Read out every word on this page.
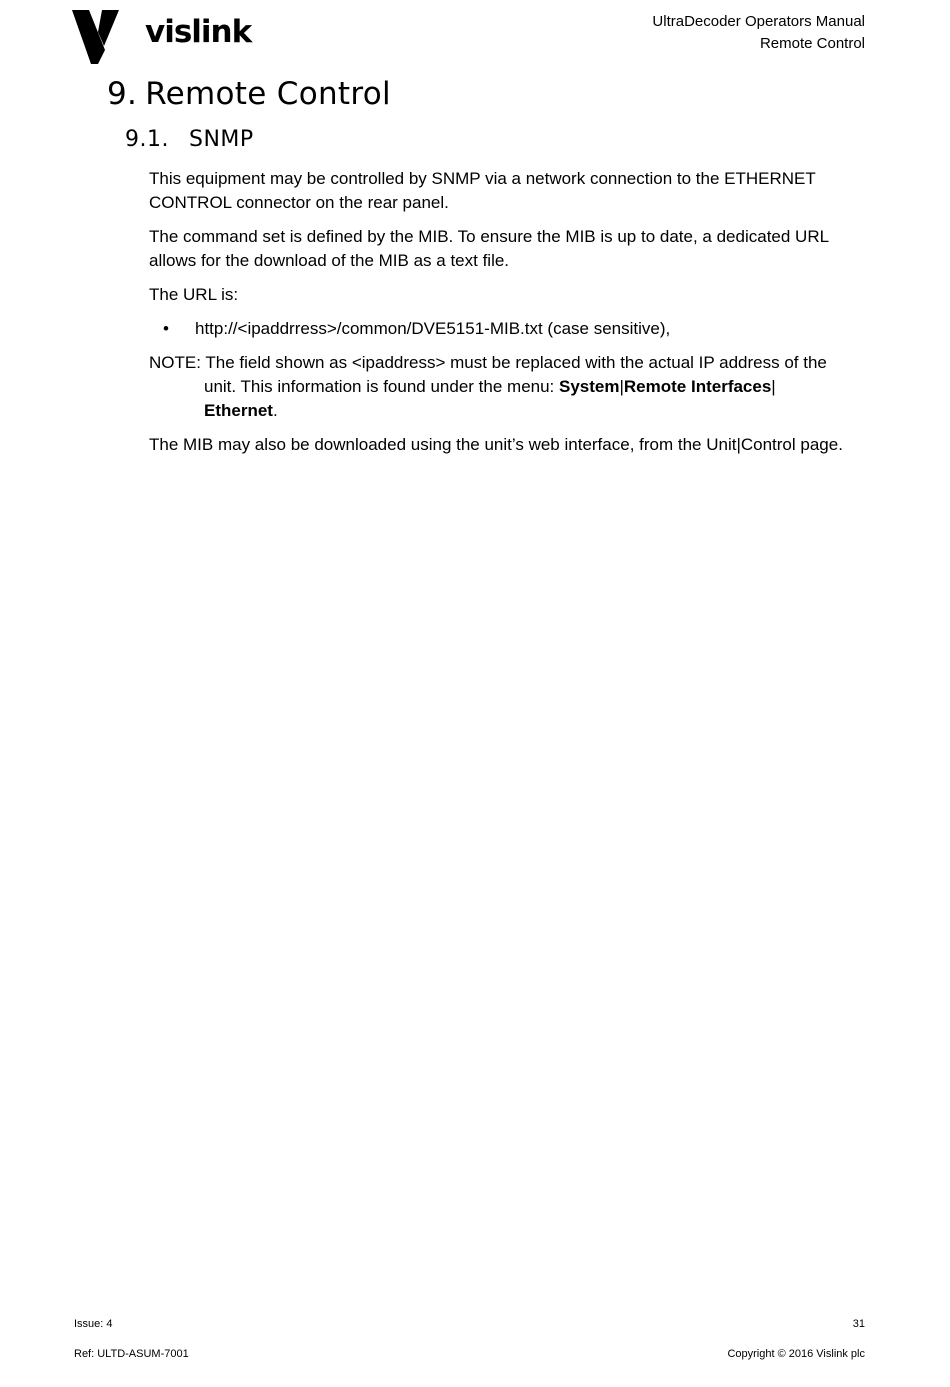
vislink	UltraDecoder Operators Manual
Remote Control
9. Remote Control
9.1. SNMP

This equipment may be controlled by SNMP via a network connection to the ETHERNET CONTROL connector on the rear panel.

The command set is defined by the MIB. To ensure the MIB is up to date, a dedicated URL allows for the download of the MIB as a text file.

The URL is:

• http://<ipaddrress>/common/DVE5151-MIB.txt (case sensitive),
NOTE: The field shown as <ipaddress> must be replaced with the actual IP address of the
unit. This information is found under the menu: System|Remote Interfaces|
Ethernet.

The MIB may also be downloaded using the unit’s web interface, from the Unit|Control page.

Issue: 4	31
Ref: ULTD-ASUM-7001	Copyright © 2016 Vislink plc
